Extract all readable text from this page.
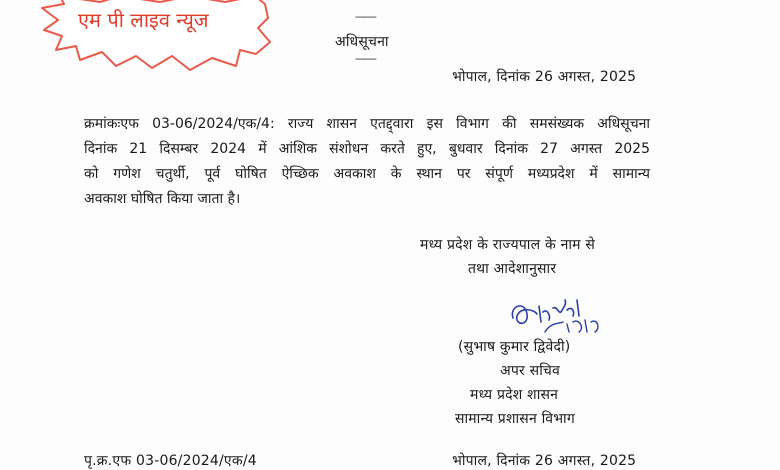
एम पी लाइव न्यूज	-------
अधिसूचना
-------
भोपाल, दिनांक 26 अगस्त, 2025
क्रमांकःएफ 03-06/2024/एक/4: राज्य शासन एतद्द्वारा इस विभाग की समसंख्यक अधिसूचना
दिनांक 21 दिसम्बर 2024 में आंशिक संशोधन करते हुए, बुधवार दिनांक 27 अगस्त 2025
को गणेश चतुर्थी, पूर्व घोषित ऐच्छिक अवकाश के स्थान पर संपूर्ण मध्यप्रदेश में सामान्य
अवकाश घोषित किया जाता है।
मध्य प्रदेश के राज्यपाल के नाम से
तथा आदेशानुसार
(सुभाष कुमार द्विवेदी)
अपर सचिव
मध्य प्रदेश शासन
सामान्य प्रशासन विभाग
पृ.क्र.एफ 03-06/2024/एक/4	भोपाल, दिनांक 26 अगस्त, 2025
